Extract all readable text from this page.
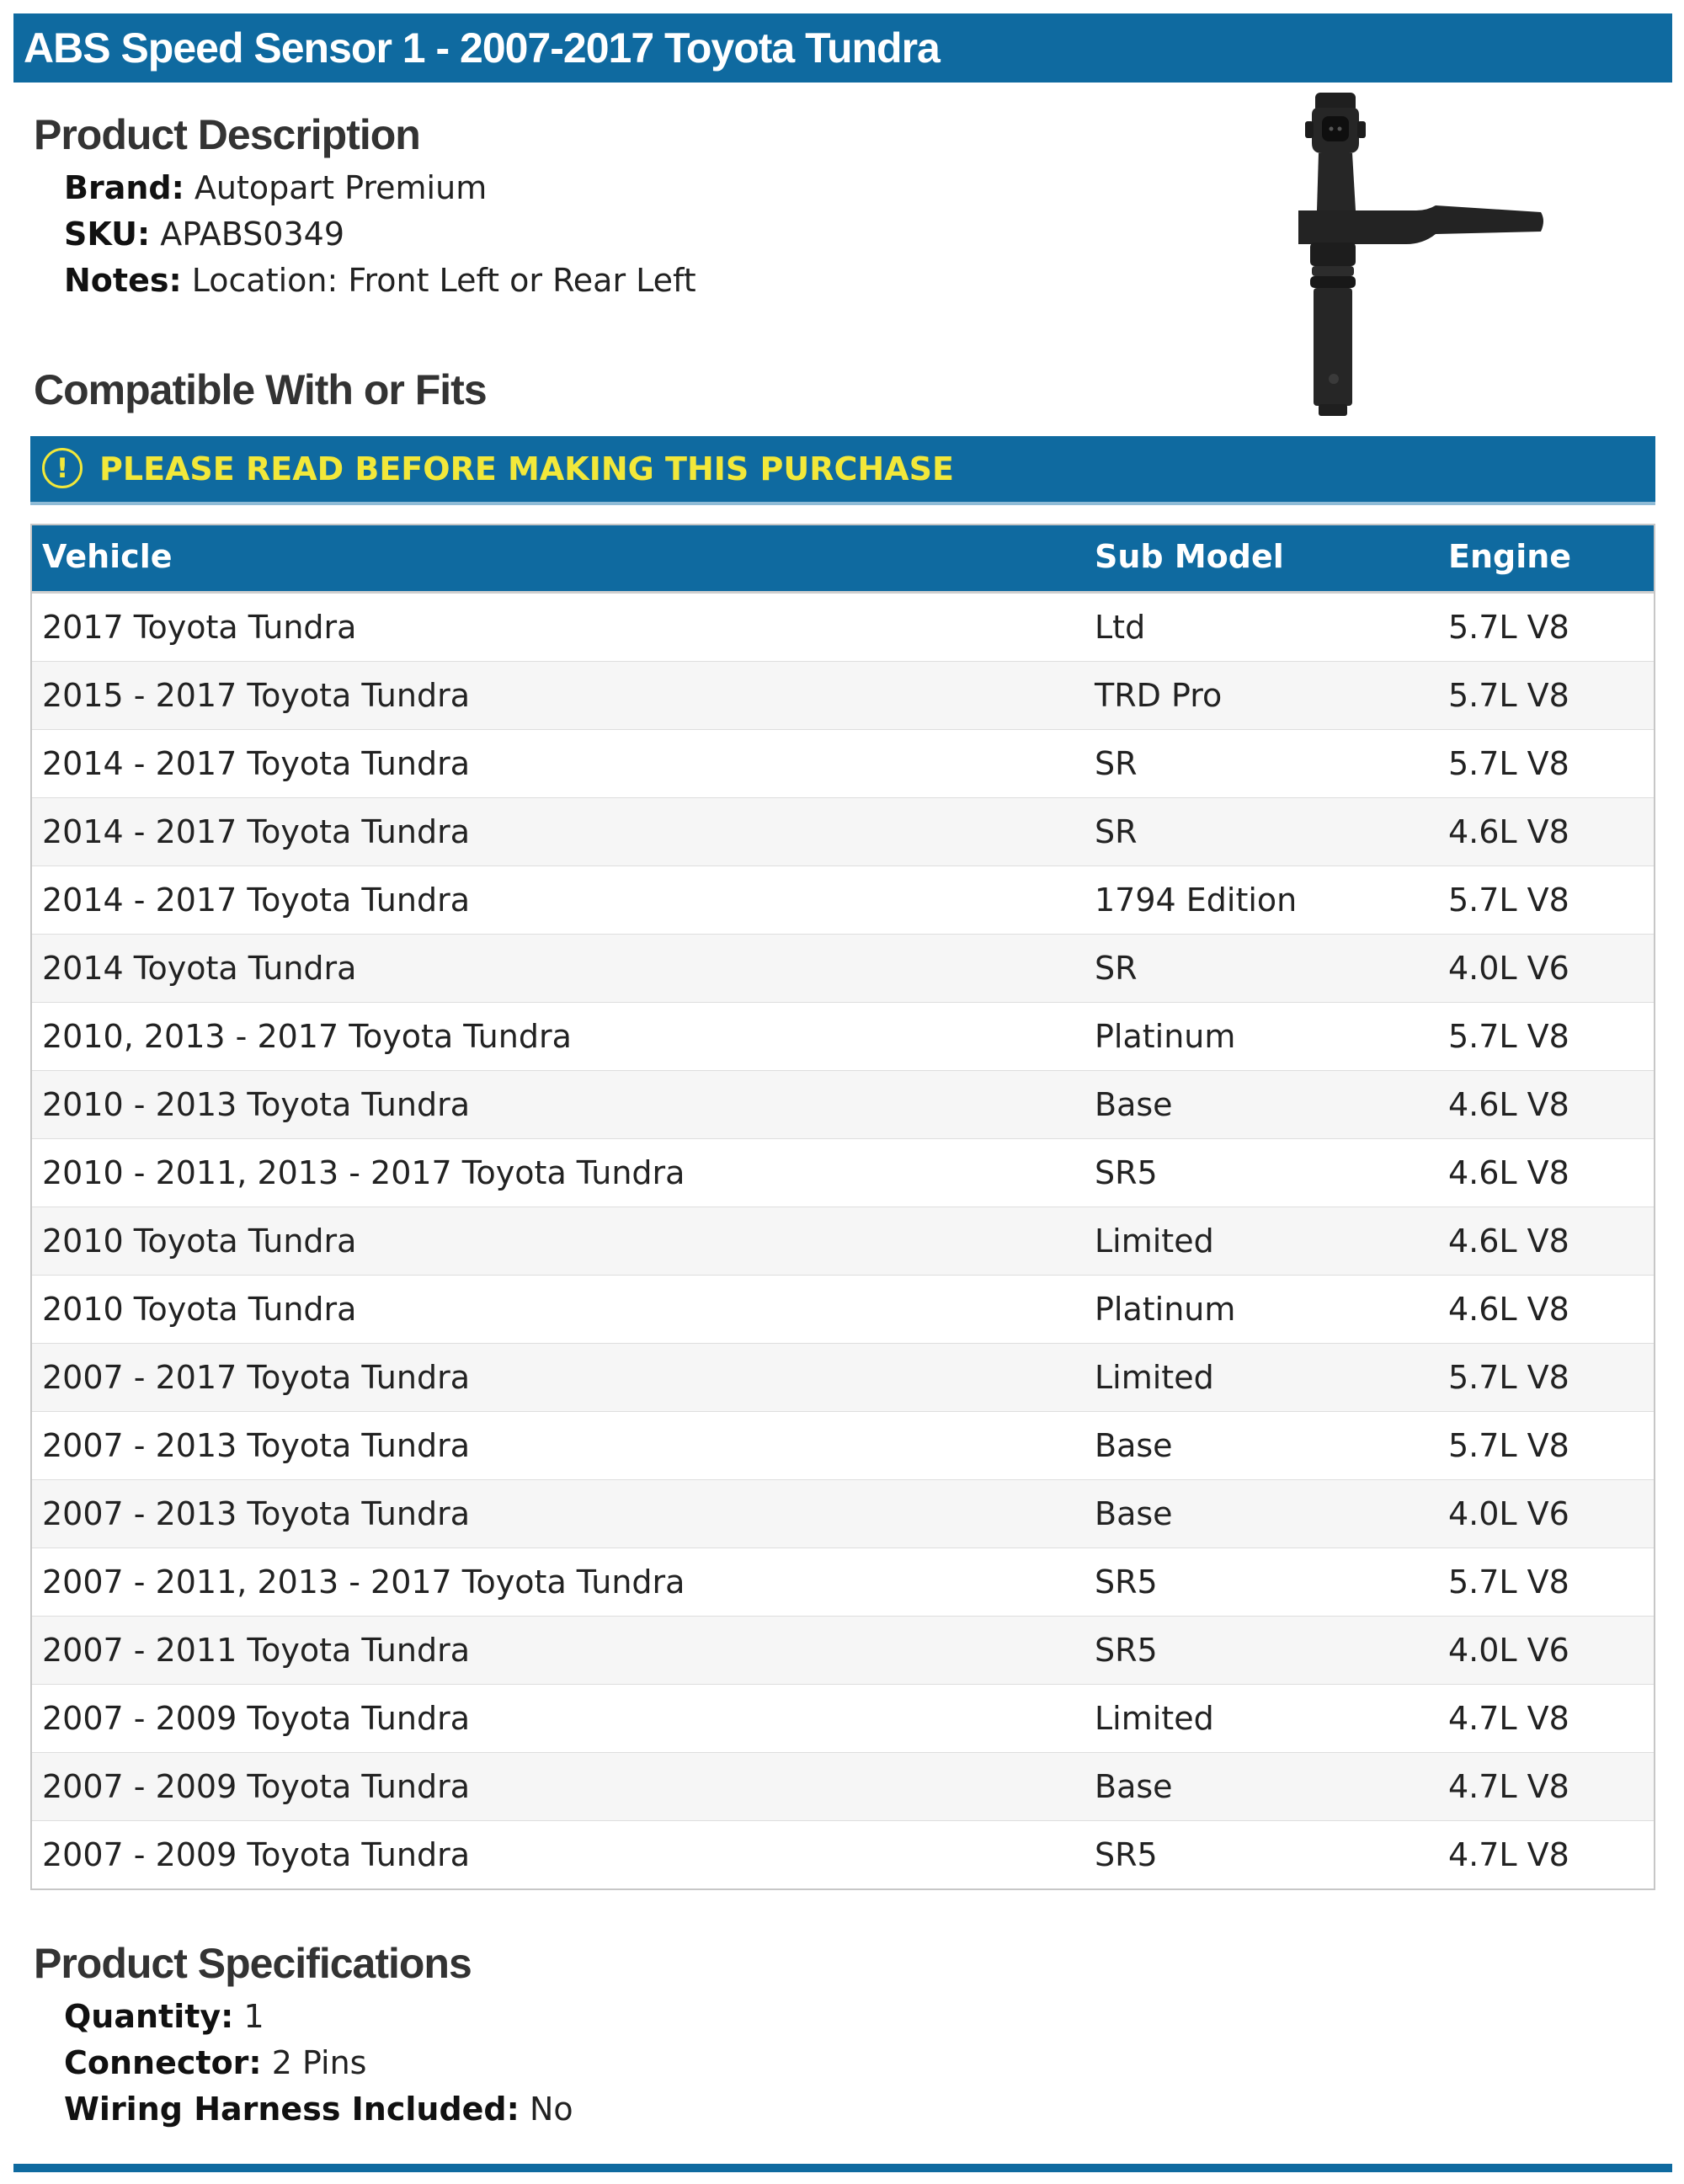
ABS Speed Sensor 1 - 2007-2017 Toyota Tundra
Product Description
Brand: Autopart Premium
SKU: APABS0349
Notes: Location: Front Left or Rear Left
Compatible With or Fits
! PLEASE READ BEFORE MAKING THIS PURCHASE
Vehicle	Sub Model	Engine
2017 Toyota Tundra	Ltd	5.7L V8
2015 - 2017 Toyota Tundra	TRD Pro	5.7L V8
2014 - 2017 Toyota Tundra	SR	5.7L V8
2014 - 2017 Toyota Tundra	SR	4.6L V8
2014 - 2017 Toyota Tundra	1794 Edition	5.7L V8
2014 Toyota Tundra	SR	4.0L V6
2010, 2013 - 2017 Toyota Tundra	Platinum	5.7L V8
2010 - 2013 Toyota Tundra	Base	4.6L V8
2010 - 2011, 2013 - 2017 Toyota Tundra	SR5	4.6L V8
2010 Toyota Tundra	Limited	4.6L V8
2010 Toyota Tundra	Platinum	4.6L V8
2007 - 2017 Toyota Tundra	Limited	5.7L V8
2007 - 2013 Toyota Tundra	Base	5.7L V8
2007 - 2013 Toyota Tundra	Base	4.0L V6
2007 - 2011, 2013 - 2017 Toyota Tundra	SR5	5.7L V8
2007 - 2011 Toyota Tundra	SR5	4.0L V6
2007 - 2009 Toyota Tundra	Limited	4.7L V8
2007 - 2009 Toyota Tundra	Base	4.7L V8
2007 - 2009 Toyota Tundra	SR5	4.7L V8
Product Specifications
Quantity: 1
Connector: 2 Pins
Wiring Harness Included: No
